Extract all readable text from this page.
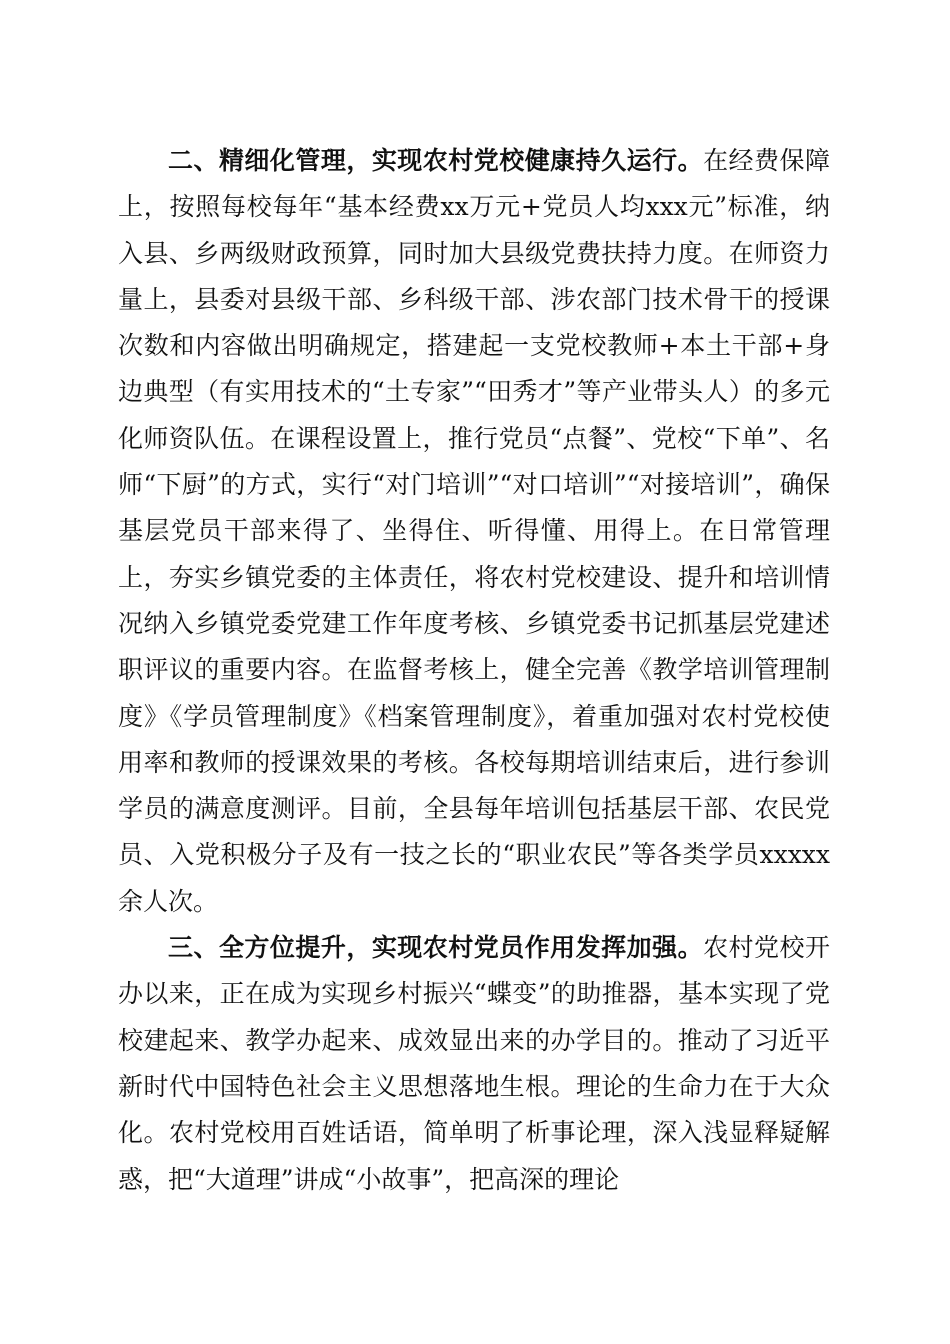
二、精细化管理，实现农村党校健康持久运行。在经费保障上，按照每校每年“基本经费xx万元+党员人均xxx元”标准，纳入县、乡两级财政预算，同时加大县级党费扶持力度。在师资力量上，县委对县级干部、乡科级干部、涉农部门技术骨干的授课次数和内容做出明确规定，搭建起一支党校教师+本土干部+身边典型（有实用技术的“土专家”“田秀才”等产业带头人）的多元化师资队伍。在课程设置上，推行党员“点餐”、党校“下单”、名师“下厨”的方式，实行“对门培训”“对口培训”“对接培训”，确保基层党员干部来得了、坐得住、听得懂、用得上。在日常管理上，夯实乡镇党委的主体责任，将农村党校建设、提升和培训情况纳入乡镇党委党建工作年度考核、乡镇党委书记抓基层党建述职评议的重要内容。在监督考核上，健全完善《教学培训管理制度》《学员管理制度》《档案管理制度》，着重加强对农村党校使用率和教师的授课效果的考核。各校每期培训结束后，进行参训学员的满意度测评。目前，全县每年培训包括基层干部、农民党员、入党积极分子及有一技之长的“职业农民”等各类学员xxxxx余人次。

三、全方位提升，实现农村党员作用发挥加强。农村党校开办以来，正在成为实现乡村振兴“蝶变”的助推器，基本实现了党校建起来、教学办起来、成效显出来的办学目的。推动了习近平新时代中国特色社会主义思想落地生根。理论的生命力在于大众化。农村党校用百姓话语，简单明了析事论理，深入浅显释疑解惑，把“大道理”讲成“小故事”，把高深的理论
